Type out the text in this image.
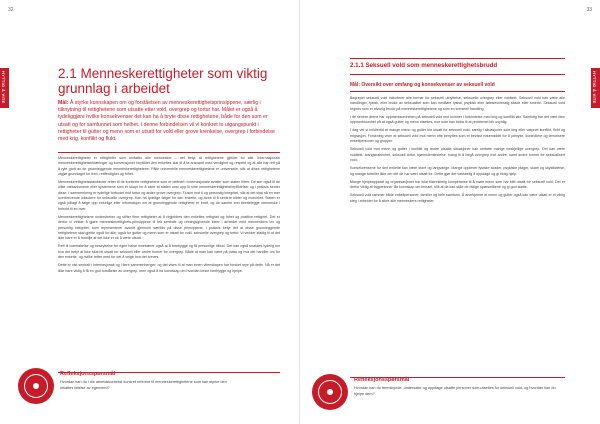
32
HYTTIG Å VITE	2.1 Menneskerettigheter som viktig grunnlag i arbeidet
Mål: Å styrke kunnskapen om og forståelsen av menneskerettighetsprinsippene, særlig i tilknytning til rettighetene som utsatte etter vold, overgrep og tortur har. Målet er også å tydeliggjøre hvilke konsekvenser det kan ha å bryte disse rettighetene, både for den som er utsatt og for samfunnet som helhet. I denne forbindelsen vil vi konkret to utgangspunkt i rettigheter til gutter og menn som er utsatt for vold eller grove krenkelse, overgrep i forbindelse med krig, konflikt og flukt.

Menneskerettigheter er rettigheter som omfatter alle mennesker – det betyr at rettighetene gjelder for alle. Internasjonale menneskerettighetserklæringer og konvensjoner forpliktet den enkeltes stat til å ta ansvaret med verdighet og respekt og at alle har rett på å ryte godt av de grunnleggende menneskerettighetene. Pålle universelle menneskerettighetene er universelle, slik at disse rettighetene utgjør grunnlaget for fred, rettferdighet og frihet.

Menneskerettighetsstandarder retter til de konkrete rettighetene som er definert i internasjonale avtaler som staten tiltrer. De sier også til de ulike mekanismene eller systemene som er skapt for å sikre at staten over opp til sine menneskerettighetsforpliktelser og i praksis henter disse. I sammenheng er tydelige forbudet mot tortur og andre grove overgrep. Tiuskn mot ti og personlig integritet, slik at det skal nå en mer overkrevende inkludere for seksuelle overgrep. Kan ha tydelige følger for den enkelte, og bidra til å sentere kilder og motvirket. Staten er også pålagt å følge opp enkelige eller informasjon om at grunnleggende rettigheter er brutt, og de samhe enn tilrettelegge menneske i forhold til en hver.

Menneskerettighetene understreker og stifter flere rettigheter at å regjeldres den enkeltes rettighet og frihet og positive rettighet. Det er derfor vi vektør å gjøre menneskerettighets-prinsippene til felt sentrale og retningsgivende ideer i arbeidet med menneskers lov og personlig integritet, som representerer avsnitt gjennom særtids på disse prinsippene. I praksis betyr det at disse grunnleggende rettighetene skal gjelde også for alle, også for gutter og menn som er utsatt for vold, seksuelle overgrep og tortur. Vi vender stadig til at det ikke bare er å formilje at det ikke er ok å være utsatt.

Rett til ivaretakelse og beskyttelse for egen helse innebærer også at å forebygge og få personlige tilbud. Det kan også snakkes tydelig om hva det betyr at ikke skal bli utsatt for seksuell eller andre former for overgrep. Både at man kan være på plass og hva det handler om for den enkelte, og hvilke retter med for det å velge hva det kreves.

Dette er vist sentralt i internasjonalt og i flere sammenhenger, og det vises til at man innen vitenskapen har forsket mye på dette. Nå er det ikke bare viktig å få en god forståelse av overgrep, men også å ha kunnskap om hvordan beste forebygge og hjelpe.

Refleksjonsspørsmål
Hvordan kan du i din arbeidskontekst konkret referere til menneskerettighetene som kan styrke den utsattes følelse av egenverd?
33
HYTTIG Å VITE
2.1.1 Seksuell vold som menneskerettighetsbrudd
Mål: Oversikt over omfang og konsekvenser av seksuell vold

Begrepet seksuell vold inkluderer alle former for seksuell utnyttelse, seksuelle overgrep eller voldtekt. Seksuell vold kan være alle handlinger, fysisk, eller bruke av seksualitet som kan medføre fysisk, psykisk eller følelsesmessig skade eller smerte. Seksuell vold regnes som et alvorlig brudd på menneskerettighetene og som en kriminell handling.

I de senere årene har oppmerksomheten på seksuell vold mot kvinner i forbindelse med krig og konflikt økt. Samtidig har det vært liten oppmerksomhet på at også gutter og menn utsettes, noe som kan bidra til at problemet blir usynlig.

I dag vet vi imidlertid at mange menn og gutter blir utsatt for seksuell vold, særlig i situasjoner som krig eller væpnet konflikt, flukt og migrasjon. Forskning viser at seksuell vold mot menn ofte benyttes som et bevisst virkemiddel for å ydmyke, kontrollere og terrorisere enkeltpersoner og grupper.

Seksuell vold mot menn og gutter i konflikt og andre utsatte situasjoner kan omfatte mange forskjellige overgrep. Det kan være voldtekt, tvangsnakenhet, seksuell tortur, kjønnslemlestelse, tvang til å begå overgrep mot andre, samt andre former for seksualisert vold.

Konsekvensene for den enkelte kan være store og langvarige. Mange opplever fysiske skader, psykiske plager, skam og skyldfølelse, og mange forteller ikke om det de har vært utsatt for. Dette gjør det vanskelig å oppdage og gi riktig hjelp.

Mange hjelpeapparat og organisasjoner har ikke tilstrekkelig kompetanse til å møte menn som har blitt utsatt for seksuell vold. Det er derfor viktig at fagpersoner får kunnskap om temaet, slik at de kan stille de riktige spørsmålene og gi god støtte.

Seksuell vold rammer både enkeltpersoner, familier og hele samfunn. Å anerkjenne at menn og gutter også kan være utsatt er et viktig steg i arbeidet for å sikre alle menneskers rettigheter.

Refleksjonsspørsmål
Hvordan kan du fremskynde, undersøke og oppdage utsatte personer som utsettes for seksuell vold, og hvordan kan du hjelpe dem?
